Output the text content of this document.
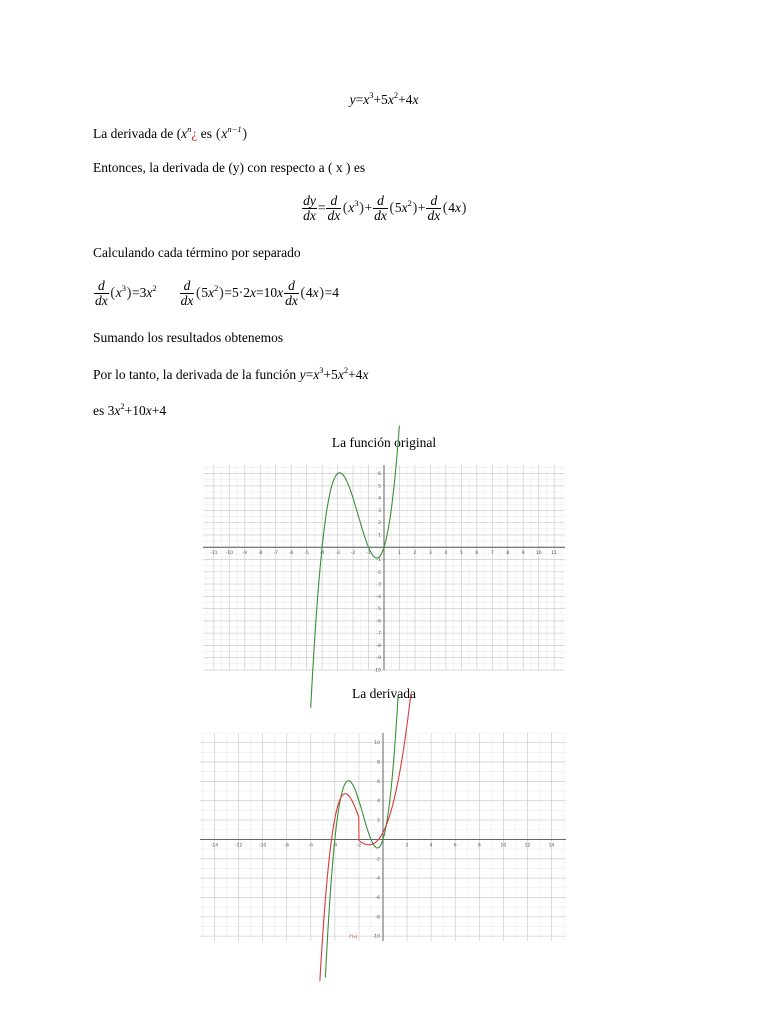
$y=x^3+5x^2+4x$
La derivada de ($x^n¿$ es $(x^{n-1})$
Entonces, la derivada de (y) con respecto a ( x ) es
$\frac{dy}{dx} = \frac{d}{dx} (x^3)+ \frac{d}{dx} (5x^2)+ \frac{d}{dx} (4x)$
Calculando cada término por separado
$\frac{d}{dx} (x^3)=3x^2 \frac{d}{dx} (5x^2)=5\cdot 2x=10x \frac{d}{dx} (4x)=4$
Sumando los resultados obtenemos
Por lo tanto, la derivada de la función $y=x^3+5x^2+4x$
es $3x^2+10x+4$
La función original
-11 -10 -9 -8 -7 -6 -5 -4 -3 -2 -1	1	2	3	4	5	6	7	8	9 10 11
6
5
4
3
2
1
-1
-2
-3
-4
-5
-6
-7
-8
-9
-10
La derivada
-14	-12	-10	-8	-6	-4	-2	2	4	6	8	10	12	14
10
8
6
4
2
-2
-4
-6
-8
-10
f'(x)
